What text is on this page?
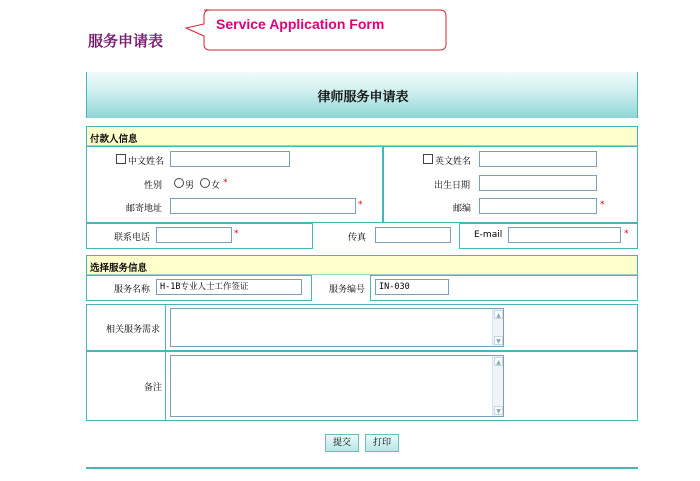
服务申请表
Service Application Form
律师服务申请表
付款人信息
中文姓名	英文姓名
性别	男 女 *	出生日期
邮寄地址	*	邮编	*
联系电话	*	传真	E-mail	*
选择服务信息
服务名称	H-1B专业人士工作签证	服务编号	IN-030
相关服务需求
▲
▼
备注
▲
▼
提交	打印
